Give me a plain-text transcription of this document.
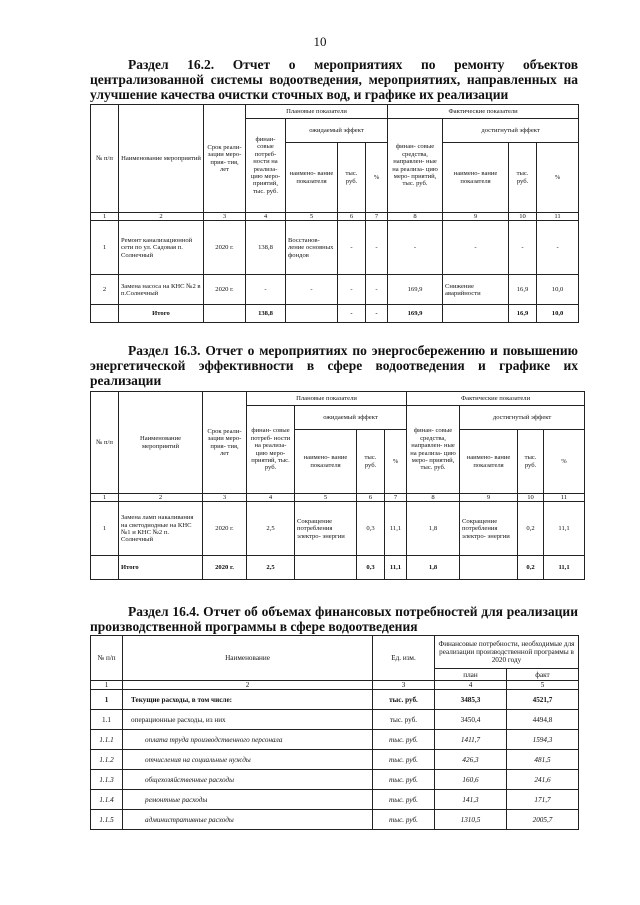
10
Раздел 16.2. Отчет о мероприятиях по ремонту объектов централизованной системы водоотведения, мероприятиях, направленных на улучшение качества очистки сточных вод, и графике их реализации
№ п/п	Наименование мероприятий	Срок реали- зации меро- прия- тия, лет	Плановые показатели				Фактические показатели			
			финан- совые потреб- ности на реализа- цию меро- приятий, тыс. руб.	ожидаемый эффект			финан- совые средства, направлен- ные на реализа- цию меро- приятий, тыс. руб.	достигнутый эффект		
				наимено- вание показателя	тыс. руб.	%		наимено- вание показателя	тыс. руб.	%
1	2	3	4	5	6	7	8	9	10	11
1	Ремонт канализационной сети по ул. Садовая п. Солнечный	2020 г.	138,8	Восстанов- ление основных фондов	-	-	-	-	-	-
2	Замена насоса на КНС №2 в п.Солнечный	2020 г.	-	-	-	-	169,9	Снижение аварийности	16,9	10,0
	Итого		138,8		-	-	169,9		16,9	10,0
Раздел 16.3. Отчет о мероприятиях по энергосбережению и повышению энергетической эффективности в сфере водоотведения и графике их реализации
№ п/п	Наименование мероприятий	Срок реали- зации меро- прия- тия, лет	Плановые показатели				Фактические показатели			
			финан- совые потреб- ности на реализа- цию меро- приятий, тыс. руб.	ожидаемый эффект			финан- совые средства, направлен- ные на реализа- цию меро- приятий, тыс. руб.	достигнутый эффект		
				наимено- вание показателя	тыс. руб.	%		наимено- вание показателя	тыс. руб.	%
1	2	3	4	5	6	7	8	9	10	11
1	Замена ламп накаливания на светодиодные на КНС №1 и КНС №2 п. Солнечный	2020 г.	2,5	Сокращение потребления электро- энергии	0,3	11,1	1,8	Сокращение потребления электро- энергии	0,2	11,1
	Итого	2020 г.	2,5		0,3	11,1	1,8		0,2	11,1
Раздел 16.4. Отчет об объемах финансовых потребностей для реализации производственной программы в сфере водоотведения
№ п/п	Наименование	Ед. изм.	Финансовые потребности, необходимые для реализации производственной программы в 2020 году	
			план	факт
1	2	3	4	5
1	Текущие расходы, в том числе:	тыс. руб.	3485,3	4521,7
1.1	операционные расходы, из них	тыс. руб.	3450,4	4494,8
1.1.1	оплата труда производственного персонала	тыс. руб.	1411,7	1594,3
1.1.2	отчисления на социальные нужды	тыс. руб.	426,3	481,5
1.1.3	общехозяйственные расходы	тыс. руб.	160,6	241,6
1.1.4	ремонтные расходы	тыс. руб.	141,3	171,7
1.1.5	административные расходы	тыс. руб.	1310,5	2005,7
